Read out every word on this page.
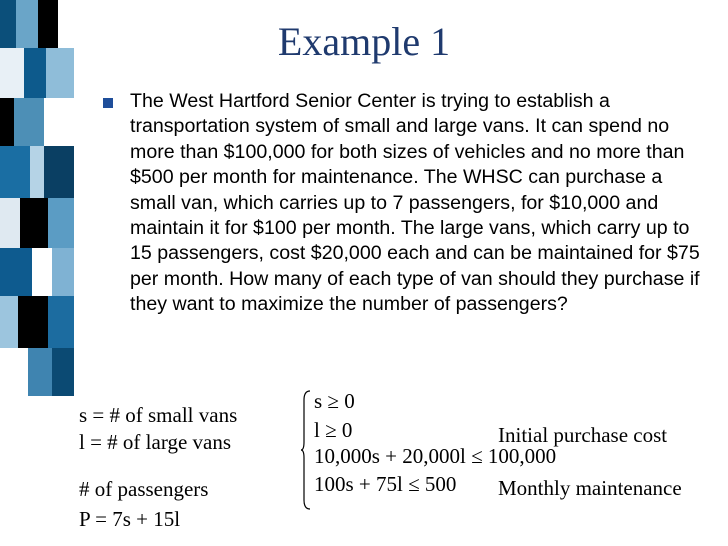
Example 1
The West Hartford Senior Center is trying to establish a transportation system of small and large vans. It can spend no more than $100,000 for both sizes of vehicles and no more than $500 per month for maintenance. The WHSC can purchase a small van, which carries up to 7 passengers, for $10,000 and maintain it for $100 per month. The large vans, which carry up to 15 passengers, cost $20,000 each and can be maintained for $75 per month. How many of each type of van should they purchase if they want to maximize the number of passengers?
s = # of small vans
l = # of large vans
# of passengers
P = 7s + 15l
s ≥ 0
l ≥ 0
10,000s + 20,000l ≤ 100,000
100s + 75l ≤ 500
Initial purchase cost
Monthly maintenance
